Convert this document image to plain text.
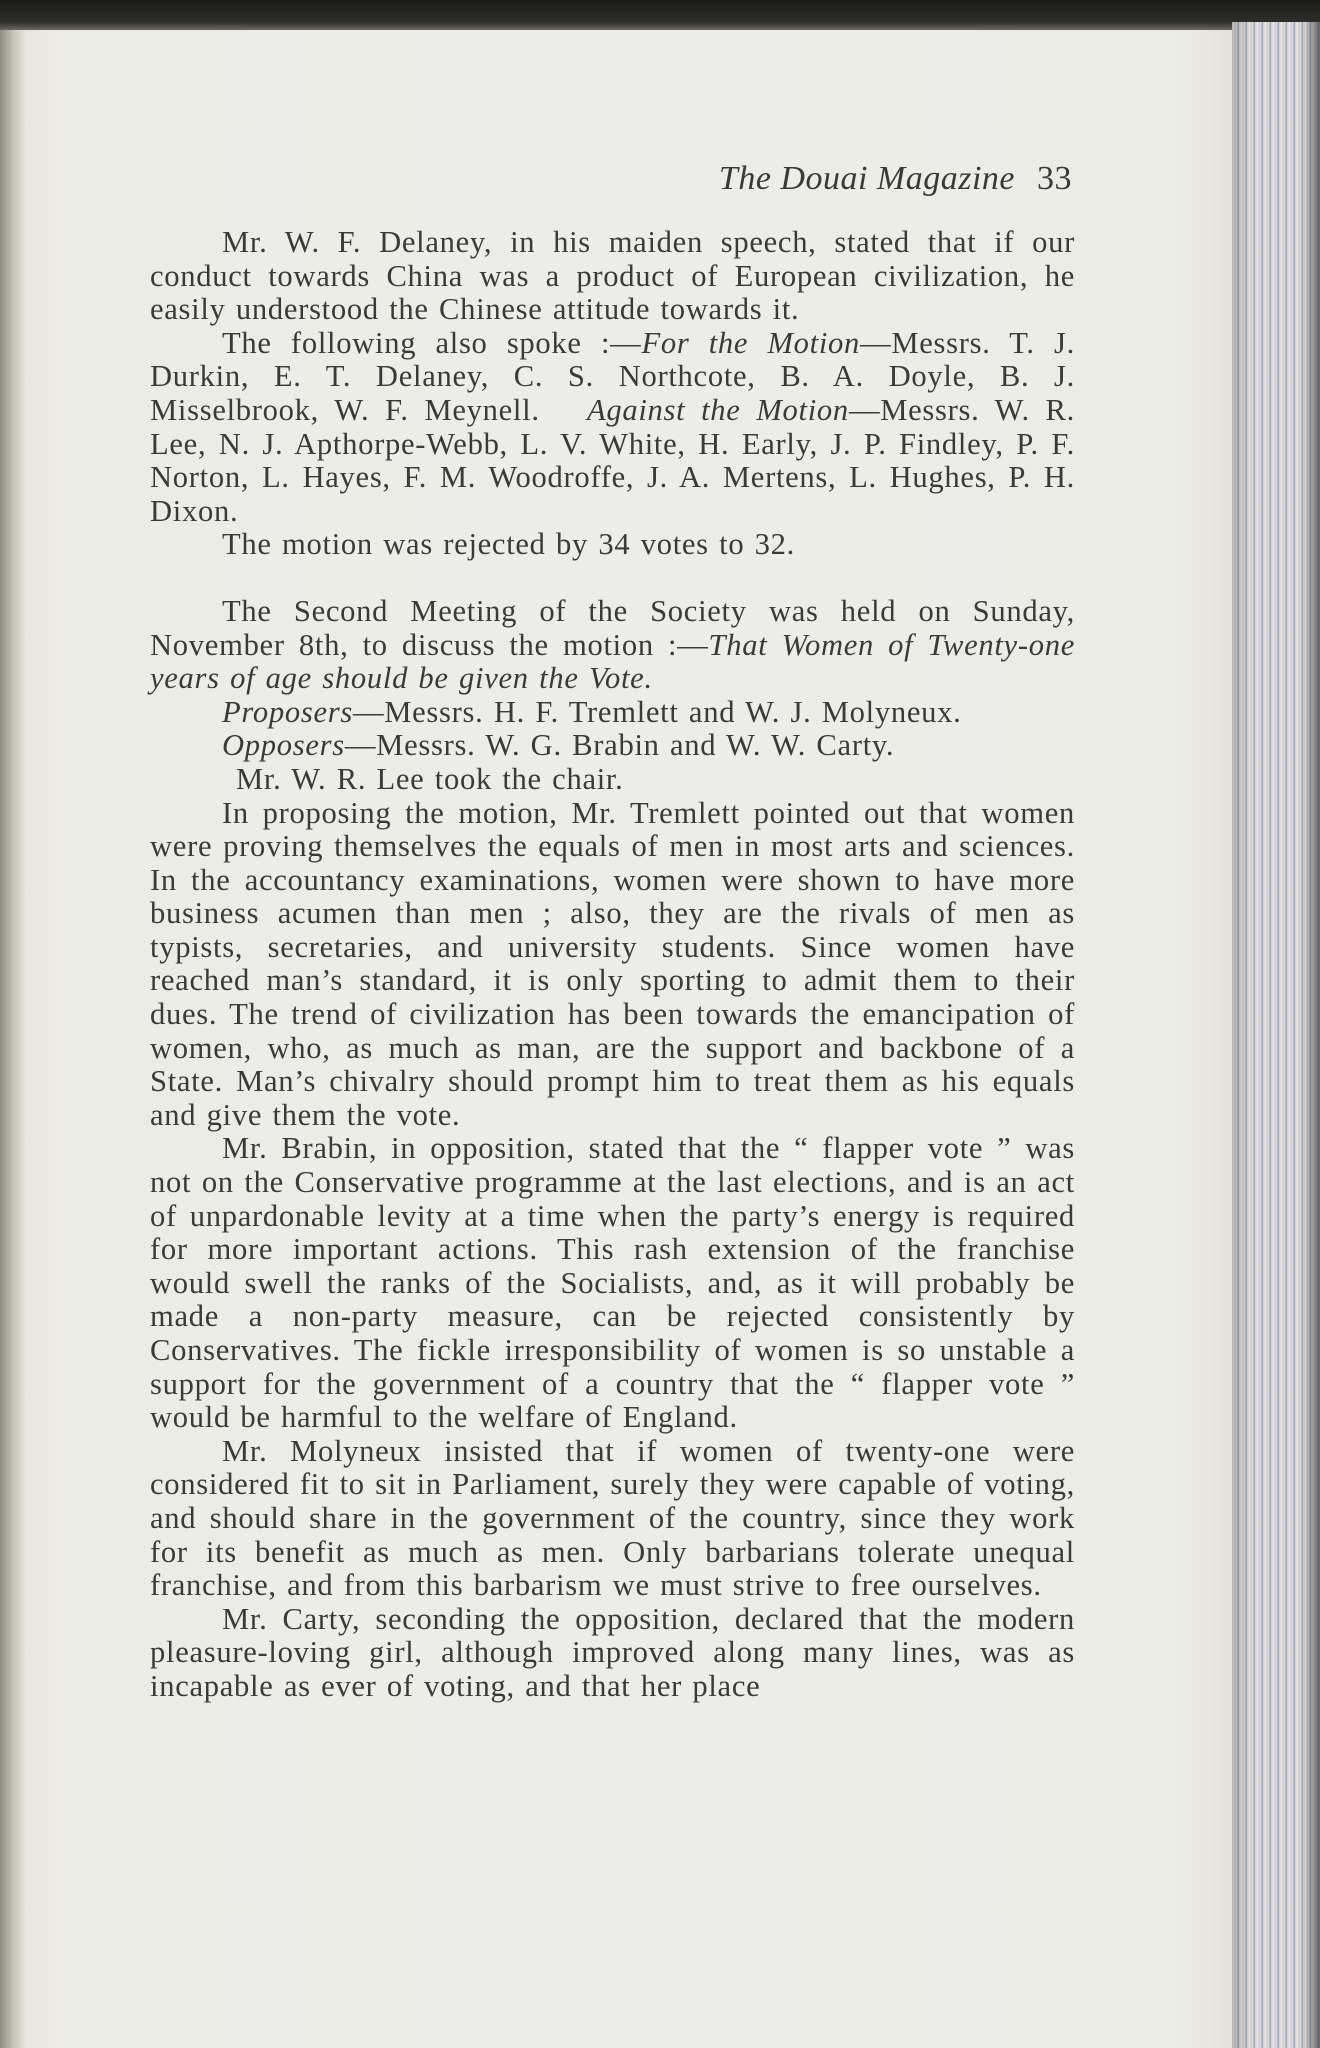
The Douai Magazine 33

Mr. W. F. Delaney, in his maiden speech, stated that if our conduct towards China was a product of European civilization, he easily understood the Chinese attitude towards it.

The following also spoke :—For the Motion—Messrs. T. J. Durkin, E. T. Delaney, C. S. Northcote, B. A. Doyle, B. J. Misselbrook, W. F. Meynell. Against the Motion—Messrs. W. R. Lee, N. J. Apthorpe-Webb, L. V. White, H. Early, J. P. Findley, P. F. Norton, L. Hayes, F. M. Woodroffe, J. A. Mertens, L. Hughes, P. H. Dixon.

The motion was rejected by 34 votes to 32.

The Second Meeting of the Society was held on Sunday, November 8th, to discuss the motion :—That Women of Twenty-one years of age should be given the Vote.

Proposers—Messrs. H. F. Tremlett and W. J. Molyneux.

Opposers—Messrs. W. G. Brabin and W. W. Carty.

Mr. W. R. Lee took the chair.

In proposing the motion, Mr. Tremlett pointed out that women were proving themselves the equals of men in most arts and sciences. In the accountancy examinations, women were shown to have more business acumen than men ; also, they are the rivals of men as typists, secretaries, and university students. Since women have reached man’s standard, it is only sporting to admit them to their dues. The trend of civilization has been towards the emancipation of women, who, as much as man, are the support and backbone of a State. Man’s chivalry should prompt him to treat them as his equals and give them the vote.

Mr. Brabin, in opposition, stated that the “ flapper vote ” was not on the Conservative programme at the last elections, and is an act of unpardonable levity at a time when the party’s energy is required for more important actions. This rash extension of the franchise would swell the ranks of the Socialists, and, as it will probably be made a non-party measure, can be rejected consistently by Conservatives. The fickle irresponsibility of women is so unstable a support for the government of a country that the “ flapper vote ” would be harmful to the welfare of England.

Mr. Molyneux insisted that if women of twenty-one were considered fit to sit in Parliament, surely they were capable of voting, and should share in the government of the country, since they work for its benefit as much as men. Only barbarians tolerate unequal franchise, and from this barbarism we must strive to free ourselves.

Mr. Carty, seconding the opposition, declared that the modern pleasure-loving girl, although improved along many lines, was as incapable as ever of voting, and that her place
